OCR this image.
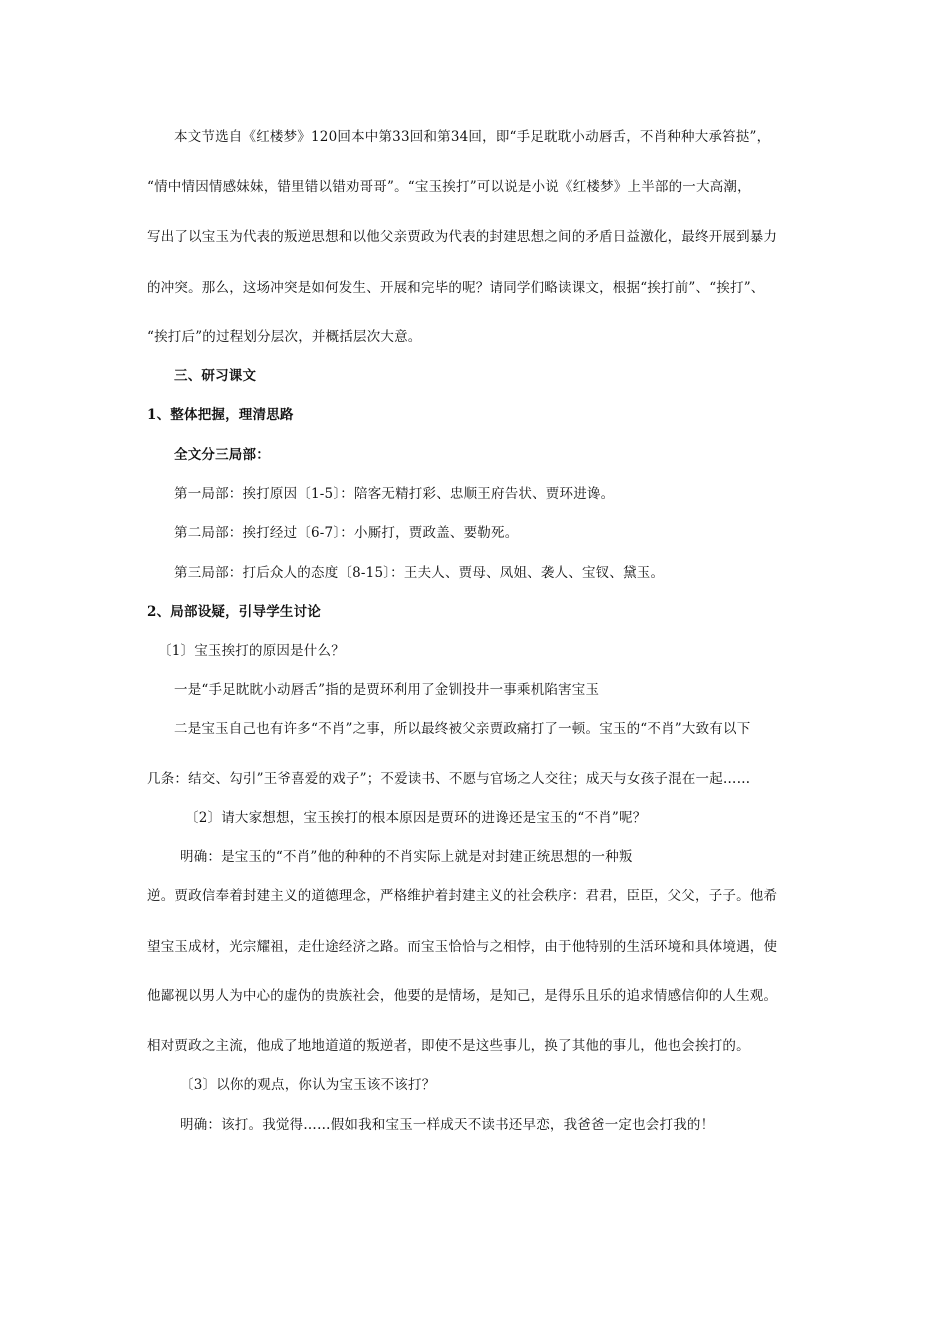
本文节选自《红楼梦》120回本中第33回和第34回，即“手足耽耽小动唇舌，不肖种种大承笞挞”，
“情中情因情感妹妹，错里错以错劝哥哥”。“宝玉挨打”可以说是小说《红楼梦》上半部的一大高潮，
写出了以宝玉为代表的叛逆思想和以他父亲贾政为代表的封建思想之间的矛盾日益激化，最终开展到暴力
的冲突。那么，这场冲突是如何发生、开展和完毕的呢？请同学们略读课文，根据“挨打前”、“挨打”、
“挨打后”的过程划分层次，并概括层次大意。
三、研习课文
1、整体把握，理清思路
全文分三局部：
第一局部：挨打原因〔1-5〕：陪客无精打彩、忠顺王府告状、贾环进谗。
第二局部：挨打经过〔6-7〕：小厮打，贾政盖、要勒死。
第三局部：打后众人的态度〔8-15〕：王夫人、贾母、凤姐、袭人、宝钗、黛玉。
2、局部设疑，引导学生讨论
〔1〕宝玉挨打的原因是什么？
一是“手足眈眈小动唇舌”指的是贾环利用了金钏投井一事乘机陷害宝玉
二是宝玉自己也有许多“不肖”之事，所以最终被父亲贾政痛打了一顿。宝玉的“不肖”大致有以下
几条：结交、勾引”王爷喜爱的戏子”；不爱读书、不愿与官场之人交往；成天与女孩子混在一起……
〔2〕请大家想想，宝玉挨打的根本原因是贾环的进谗还是宝玉的“不肖”呢？
明确：是宝玉的“不肖”他的种种的不肖实际上就是对封建正统思想的一种叛
逆。贾政信奉着封建主义的道德理念，严格维护着封建主义的社会秩序：君君，臣臣，父父，子子。他希
望宝玉成材，光宗耀祖，走仕途经济之路。而宝玉恰恰与之相悖，由于他特别的生活环境和具体境遇，使
他鄙视以男人为中心的虚伪的贵族社会，他要的是情场，是知己，是得乐且乐的追求情感信仰的人生观。
相对贾政之主流，他成了地地道道的叛逆者，即使不是这些事儿，换了其他的事儿，他也会挨打的。
〔3〕以你的观点，你认为宝玉该不该打？
明确：该打。我觉得……假如我和宝玉一样成天不读书还早恋，我爸爸一定也会打我的！
